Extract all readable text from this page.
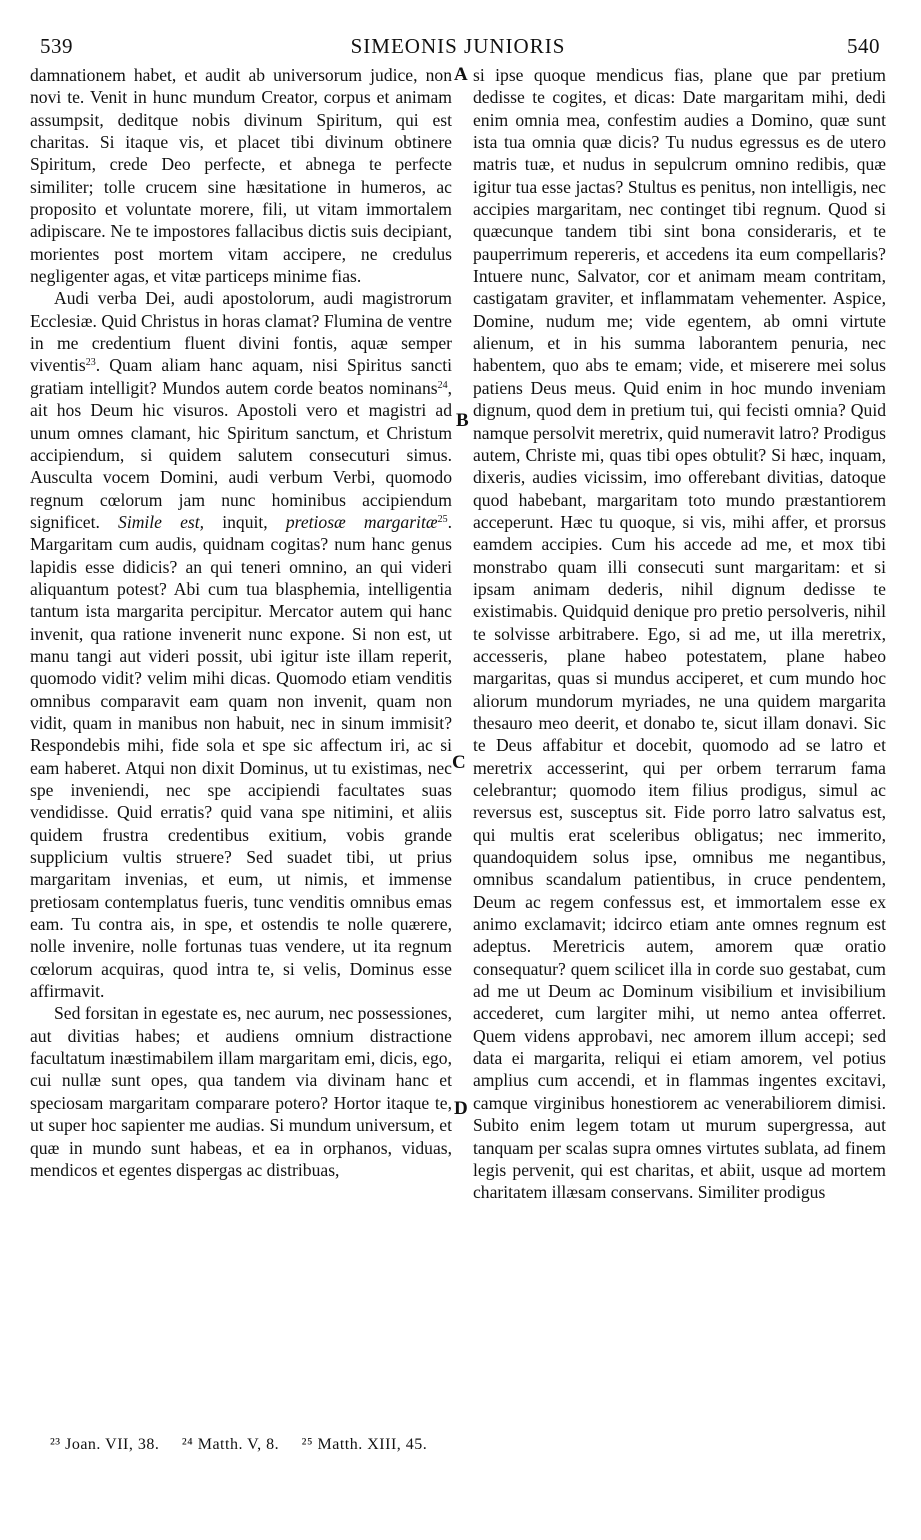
539	SIMEONIS JUNIORIS	540
A
B
C
D

damnationem habet, et audit ab universorum judice, non novi te. Venit in hunc mundum Creator, corpus et animam assumpsit, deditque nobis divinum Spiritum, qui est charitas. Si itaque vis, et placet tibi divinum obtinere Spiritum, crede Deo perfecte, et abnega te perfecte similiter; tolle crucem sine hæsitatione in humeros, ac proposito et voluntate morere, fili, ut vitam immortalem adipiscare. Ne te impostores fallacibus dictis suis decipiant, morientes post mortem vitam accipere, ne credulus negligenter agas, et vitæ particeps minime fias.

Audi verba Dei, audi apostolorum, audi magistrorum Ecclesiæ. Quid Christus in horas clamat? Flumina de ventre in me credentium fluent divini fontis, aquæ semper viventis$^{23}$. Quam aliam hanc aquam, nisi Spiritus sancti gratiam intelligit? Mundos autem corde beatos nominans$^{24}$, ait hos Deum hic visuros. Apostoli vero et magistri ad unum omnes clamant, hic Spiritum sanctum, et Christum accipiendum, si quidem salutem consecuturi simus. Ausculta vocem Domini, audi verbum Verbi, quomodo regnum cœlorum jam nunc hominibus accipiendum significet. Simile est, inquit, pretiosæ margaritæ$^{25}$. Margaritam cum audis, quidnam cogitas? num hanc genus lapidis esse didicis? an qui teneri omnino, an qui videri aliquantum potest? Abi cum tua blasphemia, intelligentia tantum ista margarita percipitur. Mercator autem qui hanc invenit, qua ratione invenerit nunc expone. Si non est, ut manu tangi aut videri possit, ubi igitur iste illam reperit, quomodo vidit? velim mihi dicas. Quomodo etiam venditis omnibus comparavit eam quam non invenit, quam non vidit, quam in manibus non habuit, nec in sinum immisit? Respondebis mihi, fide sola et spe sic affectum iri, ac si eam haberet. Atqui non dixit Dominus, ut tu existimas, nec spe inveniendi, nec spe accipiendi facultates suas vendidisse. Quid erratis? quid vana spe nitimini, et aliis quidem frustra credentibus exitium, vobis grande supplicium vultis struere? Sed suadet tibi, ut prius margaritam invenias, et eum, ut nimis, et immense pretiosam contemplatus fueris, tunc venditis omnibus emas eam. Tu contra ais, in spe, et ostendis te nolle quærere, nolle invenire, nolle fortunas tuas vendere, ut ita regnum cœlorum acquiras, quod intra te, si velis, Dominus esse affirmavit.

Sed forsitan in egestate es, nec aurum, nec possessiones, aut divitias habes; et audiens omnium distractione facultatum inæstimabilem illam margaritam emi, dicis, ego, cui nullæ sunt opes, qua tandem via divinam hanc et speciosam margaritam comparare potero? Hortor itaque te, ut super hoc sapienter me audias. Si mundum universum, et quæ in mundo sunt habeas, et ea in orphanos, viduas, mendicos et egentes dispergas ac distribuas,

si ipse quoque mendicus fias, plane que par pretium dedisse te cogites, et dicas: Date margaritam mihi, dedi enim omnia mea, confestim audies a Domino, quæ sunt ista tua omnia quæ dicis? Tu nudus egressus es de utero matris tuæ, et nudus in sepulcrum omnino redibis, quæ igitur tua esse jactas? Stultus es penitus, non intelligis, nec accipies margaritam, nec continget tibi regnum. Quod si quæcunque tandem tibi sint bona consideraris, et te pauperrimum repereris, et accedens ita eum compellaris? Intuere nunc, Salvator, cor et animam meam contritam, castigatam graviter, et inflammatam vehementer. Aspice, Domine, nudum me; vide egentem, ab omni virtute alienum, et in his summa laborantem penuria, nec habentem, quo abs te emam; vide, et miserere mei solus patiens Deus meus. Quid enim in hoc mundo inveniam dignum, quod dem in pretium tui, qui fecisti omnia? Quid namque persolvit meretrix, quid numeravit latro? Prodigus autem, Christe mi, quas tibi opes obtulit? Si hæc, inquam, dixeris, audies vicissim, imo offerebant divitias, datoque quod habebant, margaritam toto mundo præstantiorem acceperunt. Hæc tu quoque, si vis, mihi affer, et prorsus eamdem accipies. Cum his accede ad me, et mox tibi monstrabo quam illi consecuti sunt margaritam: et si ipsam animam dederis, nihil dignum dedisse te existimabis. Quidquid denique pro pretio persolveris, nihil te solvisse arbitrabere. Ego, si ad me, ut illa meretrix, accesseris, plane habeo potestatem, plane habeo margaritas, quas si mundus acciperet, et cum mundo hoc aliorum mundorum myriades, ne una quidem margarita thesauro meo deerit, et donabo te, sicut illam donavi. Sic te Deus affabitur et docebit, quomodo ad se latro et meretrix accesserint, qui per orbem terrarum fama celebrantur; quomodo item filius prodigus, simul ac reversus est, susceptus sit. Fide porro latro salvatus est, qui multis erat sceleribus obligatus; nec immerito, quandoquidem solus ipse, omnibus me negantibus, omnibus scandalum patientibus, in cruce pendentem, Deum ac regem confessus est, et immortalem esse ex animo exclamavit; idcirco etiam ante omnes regnum est adeptus. Meretricis autem, amorem quæ oratio consequatur? quem scilicet illa in corde suo gestabat, cum ad me ut Deum ac Dominum visibilium et invisibilium accederet, cum largiter mihi, ut nemo antea offerret. Quem videns approbavi, nec amorem illum accepi; sed data ei margarita, reliqui ei etiam amorem, vel potius amplius cum accendi, et in flammas ingentes excitavi, camque virginibus honestiorem ac venerabiliorem dimisi. Subito enim legem totam ut murum supergressa, aut tanquam per scalas supra omnes virtutes sublata, ad finem legis pervenit, qui est charitas, et abiit, usque ad mortem charitatem illæsam conservans. Similiter prodigus

²³ Joan. VII, 38. ²⁴ Matth. V, 8. ²⁵ Matth. XIII, 45.
